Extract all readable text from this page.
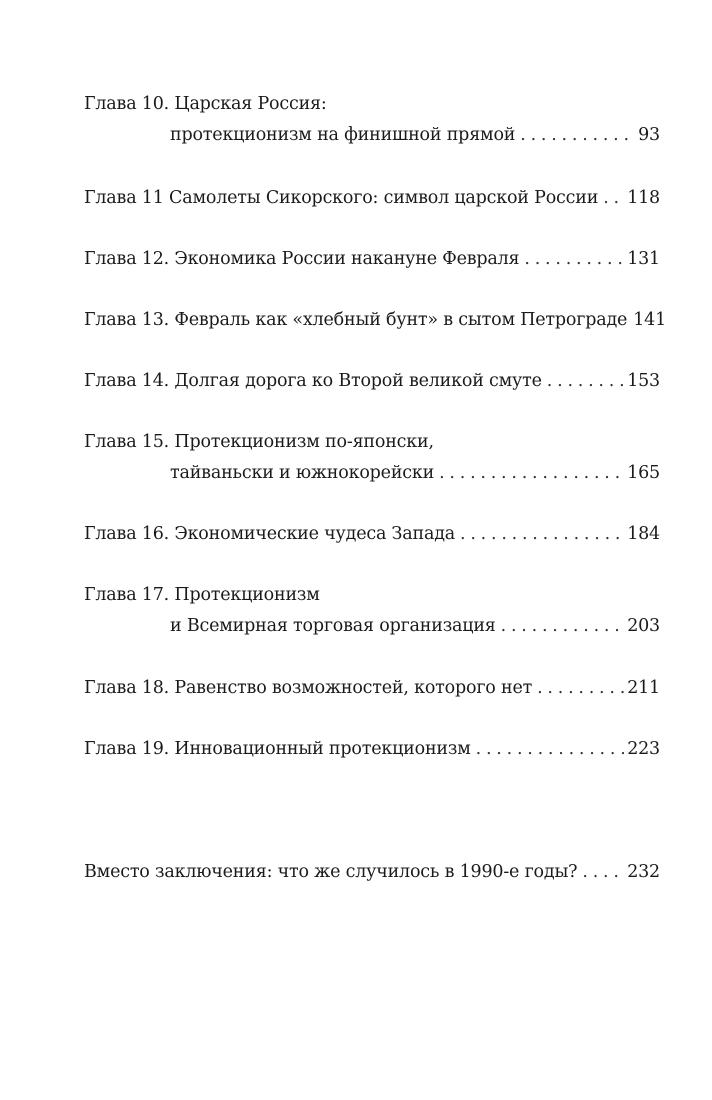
Глава 10. Царская Россия:
протекционизм на финишной прямой . . .	93
Глава 11 Самолеты Сикорского: символ царской России . . . 118
Глава 12. Экономика России накануне Февраля . . .	131
Глава 13. Февраль как «хлебный бунт» в сытом Петрограде 141
Глава 14. Долгая дорога ко Второй великой смуте . . .	153
Глава 15. Протекционизм по-японски,
тайваньски и южнокорейски . . .	165
Глава 16. Экономические чудеса Запада . . .	184
Глава 17. Протекционизм
и Всемирная торговая организация . . .	203
Глава 18. Равенство возможностей, которого нет . . .	211
Глава 19. Инновационный протекционизм . . .	223
Вместо заключения: что же случилось в 1990-е годы? . . .	232
